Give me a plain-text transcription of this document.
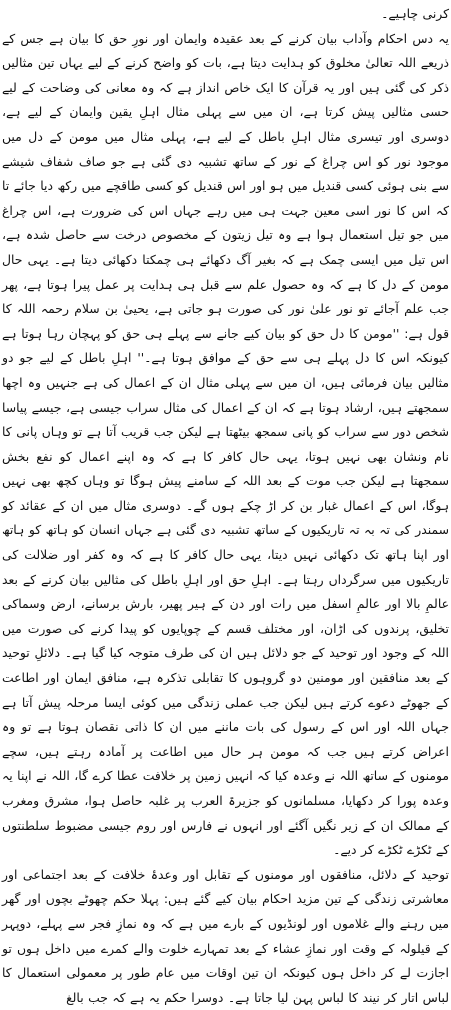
کرنی چاہیے۔

یہ دس احکام وآداب بیان کرنے کے بعد عقیدہ وایمان اور نورِ حق کا بیان ہے جس کے ذریعے اللہ تعالیٰ مخلوق کو ہدایت دیتا ہے، بات کو واضح کرنے کے لیے یہاں تین مثالیں ذکر کی گئی ہیں اور یہ قرآن کا ایک خاص انداز ہے کہ وہ معانی کی وضاحت کے لیے حسی مثالیں پیش کرتا ہے، ان میں سے پہلی مثال اہلِ یقین وایمان کے لیے ہے، دوسری اور تیسری مثال اہلِ باطل کے لیے ہے، پہلی مثال میں مومن کے دل میں موجود نور کو اس چراغ کے نور کے ساتھ تشبیہ دی گئی ہے جو صاف شفاف شیشے سے بنی ہوئی کسی قندیل میں ہو اور اس قندیل کو کسی طاقچے میں رکھ دیا جائے تا کہ اس کا نور اسی معین جہت ہی میں رہے جہاں اس کی ضرورت ہے، اس چراغ میں جو تیل استعمال ہوا ہے وہ تیل زیتون کے مخصوص درخت سے حاصل شدہ ہے، اس تیل میں ایسی چمک ہے کہ بغیر آگ دکھائے ہی چمکتا دکھائی دیتا ہے۔ یہی حال مومن کے دل کا ہے کہ وہ حصول علم سے قبل ہی ہدایت پر عمل پیرا ہوتا ہے، پھر جب علم آجائے تو نور علیٰ نور کی صورت ہو جاتی ہے، یحییٰ بن سلام رحمہ اللہ کا قول ہے: ''مومن کا دل حق کو بیان کیے جانے سے پہلے ہی حق کو پہچان رہا ہوتا ہے کیونکہ اس کا دل پہلے ہی سے حق کے موافق ہوتا ہے۔'' اہلِ باطل کے لیے جو دو مثالیں بیان فرمائی ہیں، ان میں سے پہلی مثال ان کے اعمال کی ہے جنہیں وہ اچھا سمجھتے ہیں، ارشاد ہوتا ہے کہ ان کے اعمال کی مثال سراب جیسی ہے، جیسے پیاسا شخص دور سے سراب کو پانی سمجھ بیٹھتا ہے لیکن جب قریب آتا ہے تو وہاں پانی کا نام ونشان بھی نہیں ہوتا، یہی حال کافر کا ہے کہ وہ اپنے اعمال کو نفع بخش سمجھتا ہے لیکن جب موت کے بعد اللہ کے سامنے پیش ہوگا تو وہاں کچھ بھی نہیں ہوگا، اس کے اعمال غبار بن کر اڑ چکے ہوں گے۔ دوسری مثال میں ان کے عقائد کو سمندر کی تہ بہ تہ تاریکیوں کے ساتھ تشبیہ دی گئی ہے جہاں انسان کو ہاتھ کو ہاتھ اور اپنا ہاتھ تک دکھائی نہیں دیتا، یہی حال کافر کا ہے کہ وہ کفر اور ضلالت کی تاریکیوں میں سرگرداں رہتا ہے۔ اہلِ حق اور اہلِ باطل کی مثالیں بیان کرنے کے بعد عالمِ بالا اور عالمِ اسفل میں رات اور دن کے ہیر پھیر، بارش برسانے، ارض وسماکی تخلیق، پرندوں کی اڑان، اور مختلف قسم کے چوپایوں کو پیدا کرنے کی صورت میں اللہ کے وجود اور توحید کے جو دلائل ہیں ان کی طرف متوجہ کیا گیا ہے۔ دلائلِ توحید کے بعد منافقین اور مومنین دو گروہوں کا تقابلی تذکرہ ہے، منافق ایمان اور اطاعت کے جھوٹے دعوے کرتے ہیں لیکن جب عملی زندگی میں کوئی ایسا مرحلہ پیش آتا ہے جہاں اللہ اور اس کے رسول کی بات ماننے میں ان کا ذاتی نقصان ہوتا ہے تو وہ اعراض کرتے ہیں جب کہ مومن ہر حال میں اطاعت پر آمادہ رہتے ہیں، سچے مومنوں کے ساتھ اللہ نے وعدہ کیا کہ انہیں زمین پر خلافت عطا کرے گا، اللہ نے اپنا یہ وعدہ پورا کر دکھایا، مسلمانوں کو جزیرۃ العرب پر غلبہ حاصل ہوا، مشرق ومغرب کے ممالک ان کے زیر نگیں آگئے اور انہوں نے فارس اور روم جیسی مضبوط سلطنتوں کے ٹکڑے ٹکڑے کر دیے۔

توحید کے دلائل، منافقوں اور مومنوں کے تقابل اور وعدۂ خلافت کے بعد اجتماعی اور معاشرتی زندگی کے تین مزید احکام بیان کیے گئے ہیں: پہلا حکم چھوٹے بچوں اور گھر میں رہنے والے غلاموں اور لونڈیوں کے بارے میں ہے کہ وہ نمازِ فجر سے پہلے، دوپہر کے قیلولہ کے وقت اور نمازِ عشاء کے بعد تمہارے خلوت والے کمرے میں داخل ہوں تو اجازت لے کر داخل ہوں کیونکہ ان تین اوقات میں عام طور پر معمولی استعمال کا لباس اتار کر نیند کا لباس پہن لیا جاتا ہے۔ دوسرا حکم یہ ہے کہ جب بالغ
